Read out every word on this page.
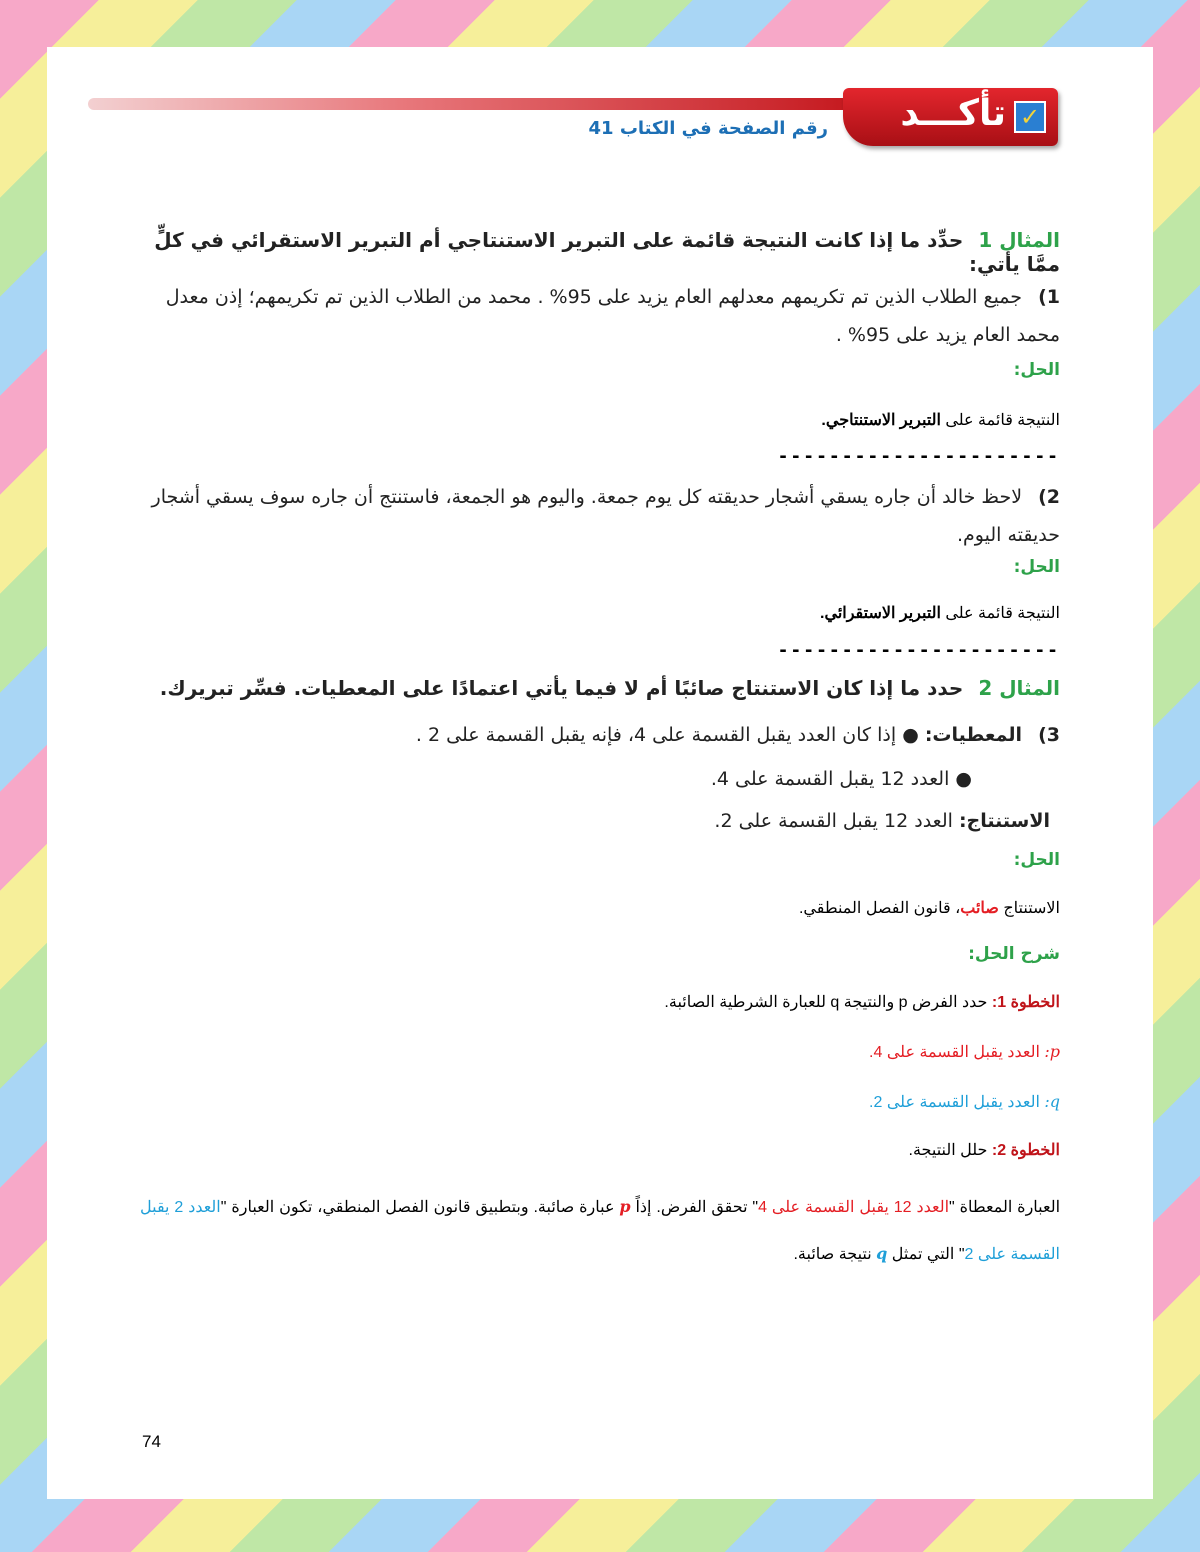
✓
تأكـــد
رقم الصفحة في الكتاب 41
المثال 1 حدِّد ما إذا كانت النتيجة قائمة على التبرير الاستنتاجي أم التبرير الاستقرائي في كلٍّ ممَّا يأتي:
1) جميع الطلاب الذين تم تكريمهم معدلهم العام يزيد على 95% . محمد من الطلاب الذين تم تكريمهم؛ إذن معدل محمد العام يزيد على 95% .
الحل:
النتيجة قائمة على التبرير الاستنتاجي.
----------------------
2) لاحظ خالد أن جاره يسقي أشجار حديقته كل يوم جمعة. واليوم هو الجمعة، فاستنتج أن جاره سوف يسقي أشجار حديقته اليوم.
الحل:
النتيجة قائمة على التبرير الاستقرائي.
----------------------
المثال 2 حدد ما إذا كان الاستنتاج صائبًا أم لا فيما يأتي اعتمادًا على المعطيات. فسِّر تبريرك.
3) المعطيات: ● إذا كان العدد يقبل القسمة على 4، فإنه يقبل القسمة على 2 .
● العدد 12 يقبل القسمة على 4.
الاستنتاج: العدد 12 يقبل القسمة على 2.
الحل:
الاستنتاج صائب، قانون الفصل المنطقي.
شرح الحل:
الخطوة 1: حدد الفرض p والنتيجة q للعبارة الشرطية الصائبة.
p: العدد يقبل القسمة على 4.
q: العدد يقبل القسمة على 2.
الخطوة 2: حلل النتيجة.
العبارة المعطاة "العدد 12 يقبل القسمة على 4" تحقق الفرض. إذاً p عبارة صائبة. وبتطبيق قانون الفصل المنطقي، تكون العبارة "العدد 2 يقبل القسمة على 2" التي تمثل q نتيجة صائبة.
74
